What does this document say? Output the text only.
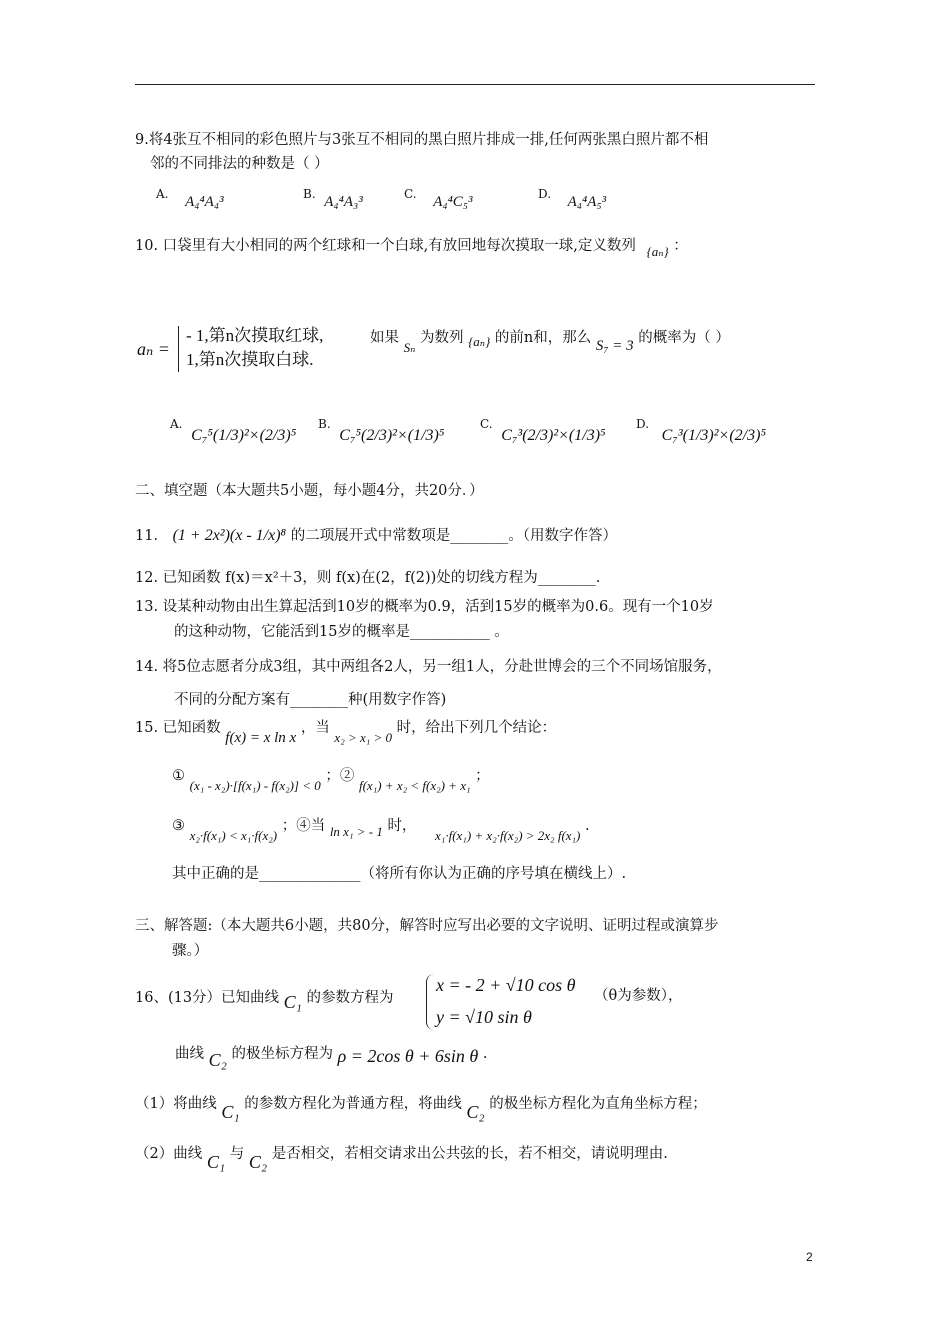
9.将4张互不相同的彩色照片与3张互不相同的黑白照片排成一排,任何两张黑白照片都不相
邻的不同排法的种数是（ ）
A. A₄⁴A₄³	B. A₄⁴A₃³	C. A₄⁴C₅³	D. A₄⁴A₅³
10. 口袋里有大小相同的两个红球和一个白球,有放回地每次摸取一球,定义数列 {aₙ} ：
aₙ =
- 1,第n次摸取红球,
1,第n次摸取白球.
如果 Sₙ 为数列 {aₙ} 的前n和，那么 S₇ = 3 的概率为（ ）
A. C₇⁵(1/3)²×(2/3)⁵
B. C₇⁵(2/3)²×(1/3)⁵
C. C₇³(2/3)²×(1/3)⁵
D. C₇³(1/3)²×(2/3)⁵
二、填空题（本大题共5小题，每小题4分，共20分．）
11． (1 + 2x²)(x - 1/x)⁸ 的二项展开式中常数项是________。（用数字作答）
12. 已知函数 f(x)＝x²＋3，则 f(x)在(2，f(2))处的切线方程为________.
13. 设某种动物由出生算起活到10岁的概率为0.9，活到15岁的概率为0.6。现有一个10岁
的这种动物，它能活到15岁的概率是___________ 。
14. 将5位志愿者分成3组，其中两组各2人，另一组1人，分赴世博会的三个不同场馆服务，
不同的分配方案有________种(用数字作答)
15. 已知函数 f(x) = x ln x ，当 x₂ > x₁ > 0 时，给出下列几个结论：
① (x₁ - x₂)·[f(x₁) - f(x₂)] < 0 ；② f(x₁) + x₂ < f(x₂) + x₁ ；
③ x₂·f(x₁) < x₁·f(x₂) ；④当 ln x₁ > - 1 时， x₁·f(x₁) + x₂·f(x₂) > 2x₂ f(x₁) .
其中正确的是______________（将所有你认为正确的序号填在横线上）.
三、解答题:（本大题共6小题，共80分，解答时应写出必要的文字说明、证明过程或演算步
骤。）
16、(13分）已知曲线 C₁ 的参数方程为
x = - 2 + √10 cos θ
y = √10 sin θ
（θ为参数），
曲线 C₂ 的极坐标方程为 ρ = 2cos θ + 6sin θ .
（1）将曲线 C₁ 的参数方程化为普通方程，将曲线 C₂ 的极坐标方程化为直角坐标方程；
（2）曲线 C₁ 与 C₂ 是否相交，若相交请求出公共弦的长，若不相交，请说明理由.
2
